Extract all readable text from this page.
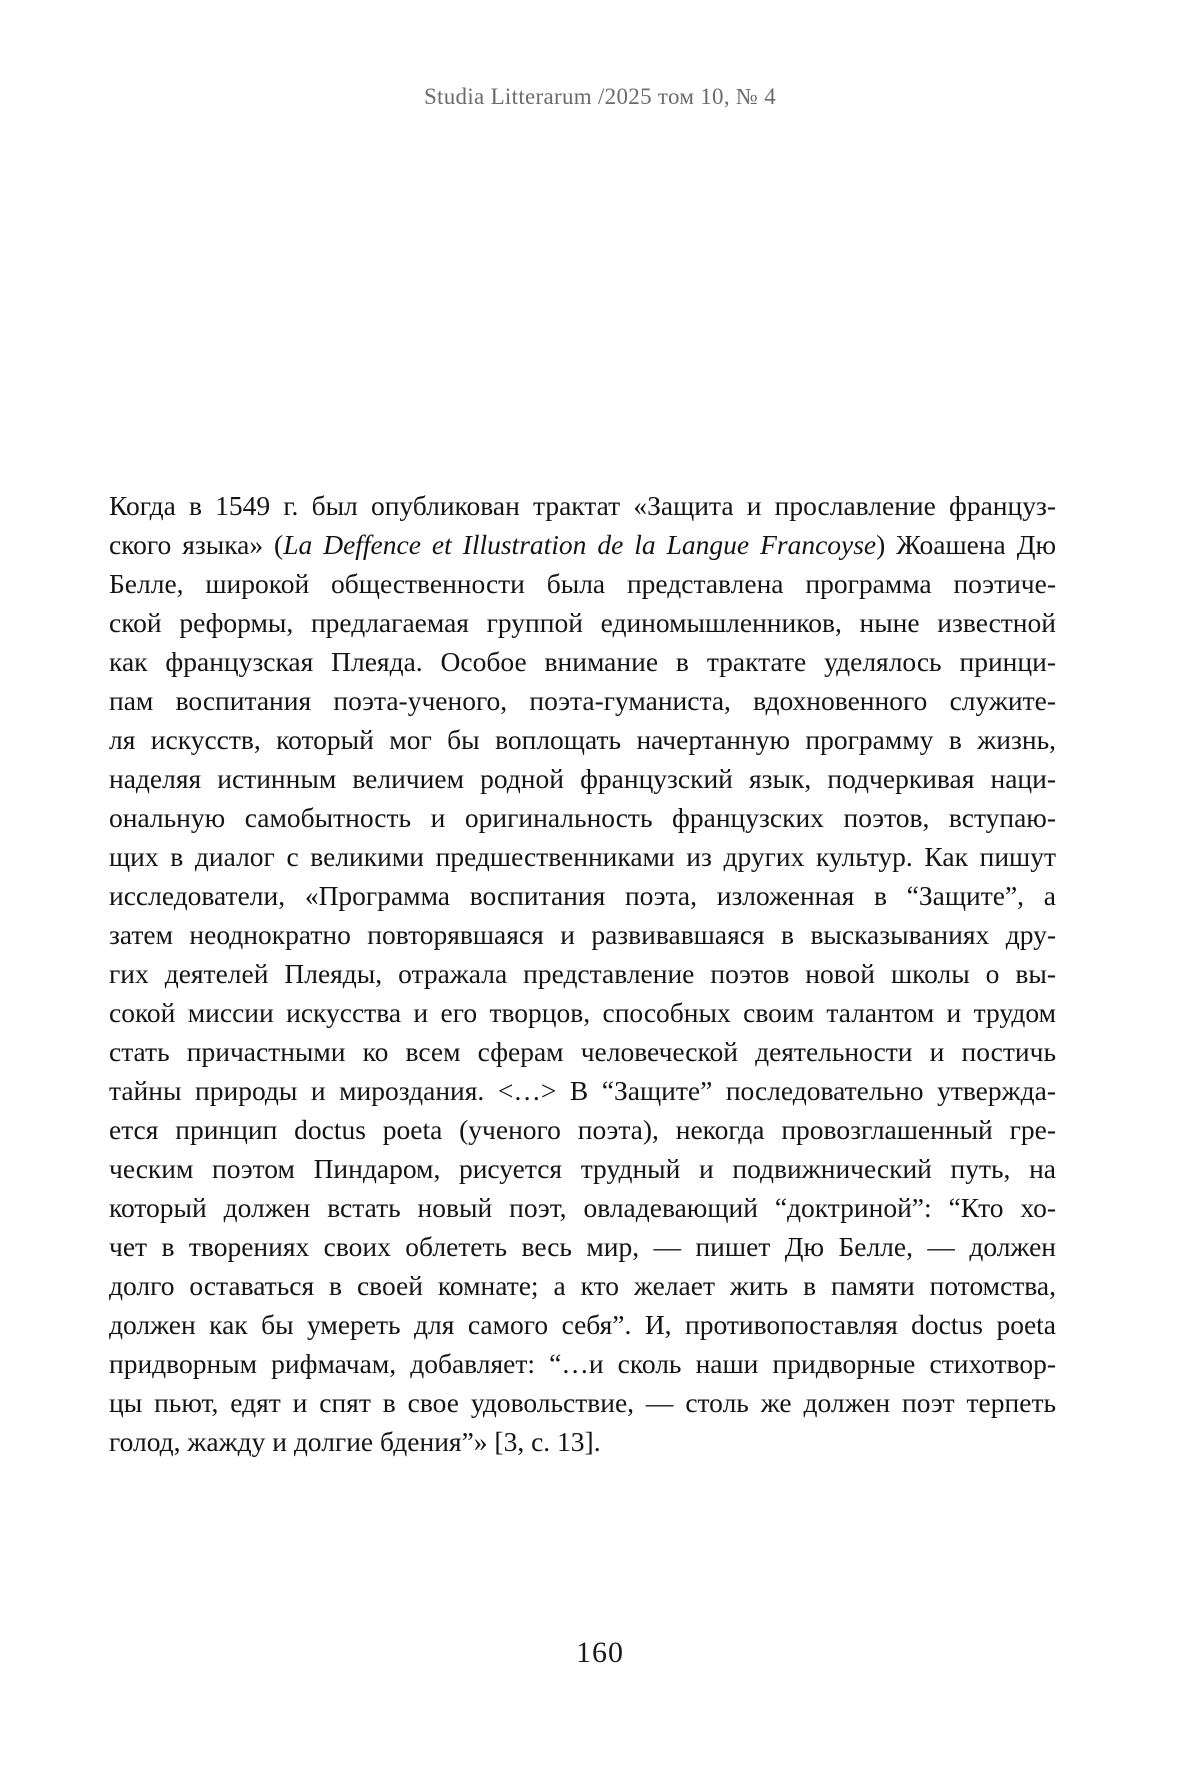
Studia Litterarum /2025 том 10, № 4
Когда в 1549 г. был опубликован трактат «Защита и прославление француз-
ского языка» (La Deffence et Illustration de la Langue Francoyse) Жоашена Дю
Белле, широкой общественности была представлена программа поэтиче-
ской реформы, предлагаемая группой единомышленников, ныне известной
как французская Плеяда. Особое внимание в трактате уделялось принци-
пам воспитания поэта-ученого, поэта-гуманиста, вдохновенного служите-
ля искусств, который мог бы воплощать начертанную программу в жизнь,
наделяя истинным величием родной французский язык, подчеркивая наци-
ональную самобытность и оригинальность французских поэтов, вступаю-
щих в диалог с великими предшественниками из других культур. Как пишут
исследователи, «Программа воспитания поэта, изложенная в “Защите”, а
затем неоднократно повторявшаяся и развивавшаяся в высказываниях дру-
гих деятелей Плеяды, отражала представление поэтов новой школы о вы-
сокой миссии искусства и его творцов, способных своим талантом и трудом
стать причастными ко всем сферам человеческой деятельности и постичь
тайны природы и мироздания. <…> В “Защите” последовательно утвержда-
ется принцип doctus poeta (ученого поэта), некогда провозглашенный гре-
ческим поэтом Пиндаром, рисуется трудный и подвижнический путь, на
который должен встать новый поэт, овладевающий “доктриной”: “Кто хо-
чет в творениях своих облететь весь мир, — пишет Дю Белле, — должен
долго оставаться в своей комнате; а кто желает жить в памяти потомства,
должен как бы умереть для самого себя”. И, противопоставляя doctus poeta
придворным рифмачам, добавляет: “…и сколь наши придворные стихотвор-
цы пьют, едят и спят в свое удовольствие, — столь же должен поэт терпеть
голод, жажду и долгие бдения”» [3, с. 13].
160
